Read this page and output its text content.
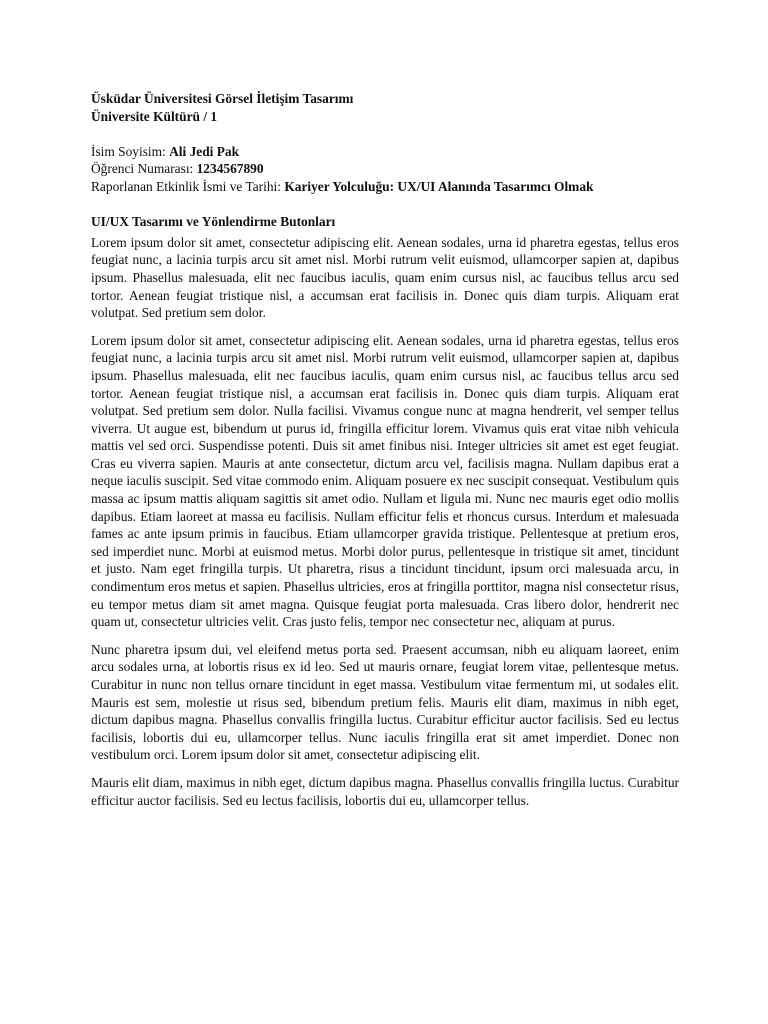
Üsküdar Üniversitesi Görsel İletişim Tasarımı

Üniversite Kültürü / 1

İsim Soyisim: Ali Jedi Pak

Öğrenci Numarası: 1234567890

Raporlanan Etkinlik İsmi ve Tarihi: Kariyer Yolculuğu: UX/UI Alanında Tasarımcı Olmak

UI/UX Tasarımı ve Yönlendirme Butonları

Lorem ipsum dolor sit amet, consectetur adipiscing elit. Aenean sodales, urna id pharetra egestas, tellus eros feugiat nunc, a lacinia turpis arcu sit amet nisl. Morbi rutrum velit euismod, ullamcorper sapien at, dapibus ipsum. Phasellus malesuada, elit nec faucibus iaculis, quam enim cursus nisl, ac faucibus tellus arcu sed tortor. Aenean feugiat tristique nisl, a accumsan erat facilisis in. Donec quis diam turpis. Aliquam erat volutpat. Sed pretium sem dolor.

Lorem ipsum dolor sit amet, consectetur adipiscing elit. Aenean sodales, urna id pharetra egestas, tellus eros feugiat nunc, a lacinia turpis arcu sit amet nisl. Morbi rutrum velit euismod, ullamcorper sapien at, dapibus ipsum. Phasellus malesuada, elit nec faucibus iaculis, quam enim cursus nisl, ac faucibus tellus arcu sed tortor. Aenean feugiat tristique nisl, a accumsan erat facilisis in. Donec quis diam turpis. Aliquam erat volutpat. Sed pretium sem dolor. Nulla facilisi. Vivamus congue nunc at magna hendrerit, vel semper tellus viverra. Ut augue est, bibendum ut purus id, fringilla efficitur lorem. Vivamus quis erat vitae nibh vehicula mattis vel sed orci. Suspendisse potenti. Duis sit amet finibus nisi. Integer ultricies sit amet est eget feugiat. Cras eu viverra sapien. Mauris at ante consectetur, dictum arcu vel, facilisis magna. Nullam dapibus erat a neque iaculis suscipit. Sed vitae commodo enim. Aliquam posuere ex nec suscipit consequat. Vestibulum quis massa ac ipsum mattis aliquam sagittis sit amet odio. Nullam et ligula mi. Nunc nec mauris eget odio mollis dapibus. Etiam laoreet at massa eu facilisis. Nullam efficitur felis et rhoncus cursus. Interdum et malesuada fames ac ante ipsum primis in faucibus. Etiam ullamcorper gravida tristique. Pellentesque at pretium eros, sed imperdiet nunc. Morbi at euismod metus. Morbi dolor purus, pellentesque in tristique sit amet, tincidunt et justo. Nam eget fringilla turpis. Ut pharetra, risus a tincidunt tincidunt, ipsum orci malesuada arcu, in condimentum eros metus et sapien. Phasellus ultricies, eros at fringilla porttitor, magna nisl consectetur risus, eu tempor metus diam sit amet magna. Quisque feugiat porta malesuada. Cras libero dolor, hendrerit nec quam ut, consectetur ultricies velit. Cras justo felis, tempor nec consectetur nec, aliquam at purus.

Nunc pharetra ipsum dui, vel eleifend metus porta sed. Praesent accumsan, nibh eu aliquam laoreet, enim arcu sodales urna, at lobortis risus ex id leo. Sed ut mauris ornare, feugiat lorem vitae, pellentesque metus. Curabitur in nunc non tellus ornare tincidunt in eget massa. Vestibulum vitae fermentum mi, ut sodales elit. Mauris est sem, molestie ut risus sed, bibendum pretium felis. Mauris elit diam, maximus in nibh eget, dictum dapibus magna. Phasellus convallis fringilla luctus. Curabitur efficitur auctor facilisis. Sed eu lectus facilisis, lobortis dui eu, ullamcorper tellus. Nunc iaculis fringilla erat sit amet imperdiet. Donec non vestibulum orci. Lorem ipsum dolor sit amet, consectetur adipiscing elit.

Mauris elit diam, maximus in nibh eget, dictum dapibus magna. Phasellus convallis fringilla luctus. Curabitur efficitur auctor facilisis. Sed eu lectus facilisis, lobortis dui eu, ullamcorper tellus.
